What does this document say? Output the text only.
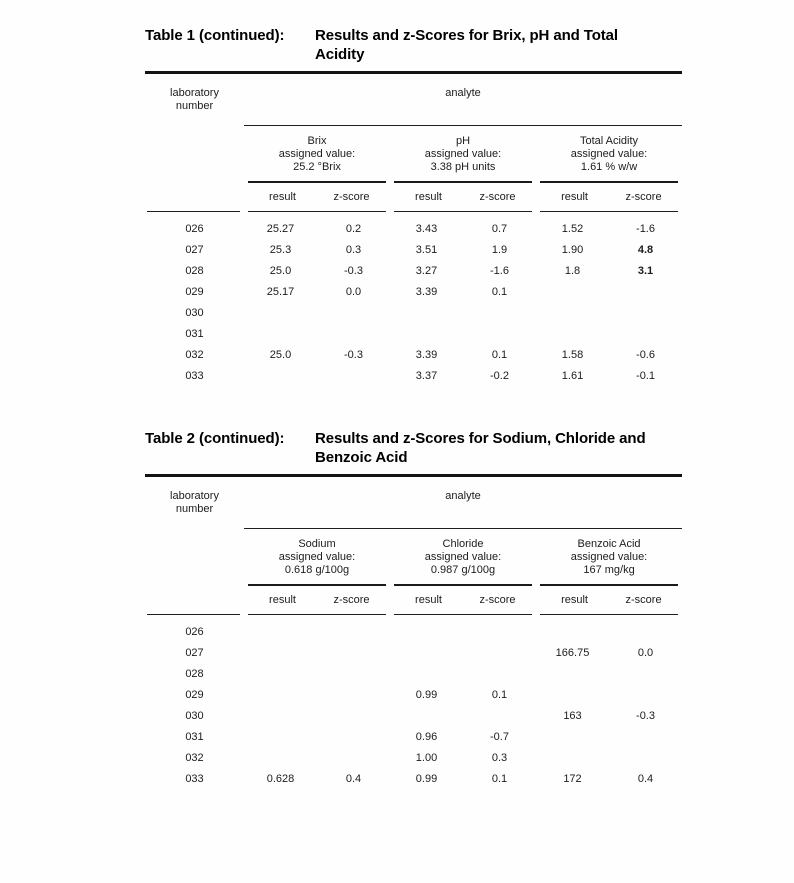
Table 1 (continued):	Results and z-Scores for Brix, pH and Total
Acidity
laboratory
number	analyte					

Brix
assigned value:
25.2 °Brix

pH
assigned value:
3.38 pH units

Total Acidity
assigned value:
1.61 % w/w

	result z-score		result z-score		result z-score	

026	25.27	0.2	3.43	0.7	1.52	-1.6
027	25.3	0.3	3.51	1.9	1.90	4.8
028	25.0	-0.3	3.27	-1.6	1.8	3.1
029	25.17	0.0	3.39	0.1		
030						
031						
032	25.0	-0.3	3.39	0.1	1.58	-0.6
033			3.37	-0.2	1.61	-0.1
Table 2 (continued):	Results and z-Scores for Sodium, Chloride and
Benzoic Acid
laboratory
number	analyte					

Sodium
assigned value:
0.618 g/100g

Chloride
assigned value:
0.987 g/100g

Benzoic Acid
assigned value:
167 mg/kg

	result z-score		result z-score		result z-score	

026						
027					166.75	0.0
028						
029			0.99	0.1		
030					163	-0.3
031			0.96	-0.7		
032			1.00	0.3		
033	0.628	0.4	0.99	0.1	172	0.4
